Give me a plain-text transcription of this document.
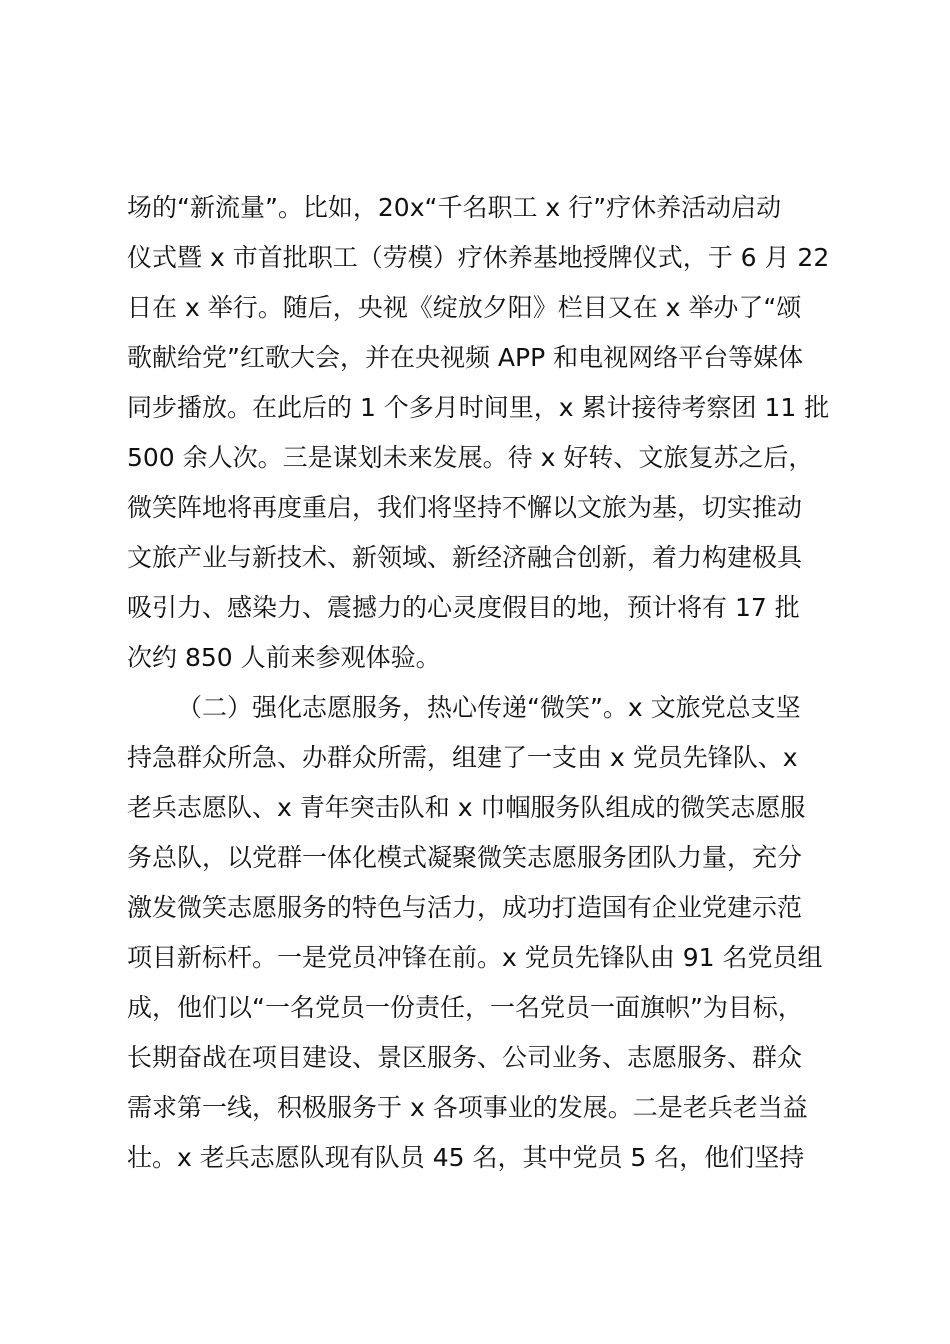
场的“新流量”。比如，20x“千名职工 x 行”疗休养活动启动
仪式暨 x 市首批职工（劳模）疗休养基地授牌仪式，于 6 月 22
日在 x 举行。随后，央视《绽放夕阳》栏目又在 x 举办了“颂
歌献给党”红歌大会，并在央视频 APP 和电视网络平台等媒体
同步播放。在此后的 1 个多月时间里，x 累计接待考察团 11 批
500 余人次。三是谋划未来发展。待 x 好转、文旅复苏之后，
微笑阵地将再度重启，我们将坚持不懈以文旅为基，切实推动
文旅产业与新技术、新领域、新经济融合创新，着力构建极具
吸引力、感染力、震撼力的心灵度假目的地，预计将有 17 批
次约 850 人前来参观体验。
（二）强化志愿服务，热心传递“微笑”。x 文旅党总支坚
持急群众所急、办群众所需，组建了一支由 x 党员先锋队、x
老兵志愿队、x 青年突击队和 x 巾帼服务队组成的微笑志愿服
务总队，以党群一体化模式凝聚微笑志愿服务团队力量，充分
激发微笑志愿服务的特色与活力，成功打造国有企业党建示范
项目新标杆。一是党员冲锋在前。x 党员先锋队由 91 名党员组
成，他们以“一名党员一份责任，一名党员一面旗帜”为目标，
长期奋战在项目建设、景区服务、公司业务、志愿服务、群众
需求第一线，积极服务于 x 各项事业的发展。二是老兵老当益
壮。x 老兵志愿队现有队员 45 名，其中党员 5 名，他们坚持
